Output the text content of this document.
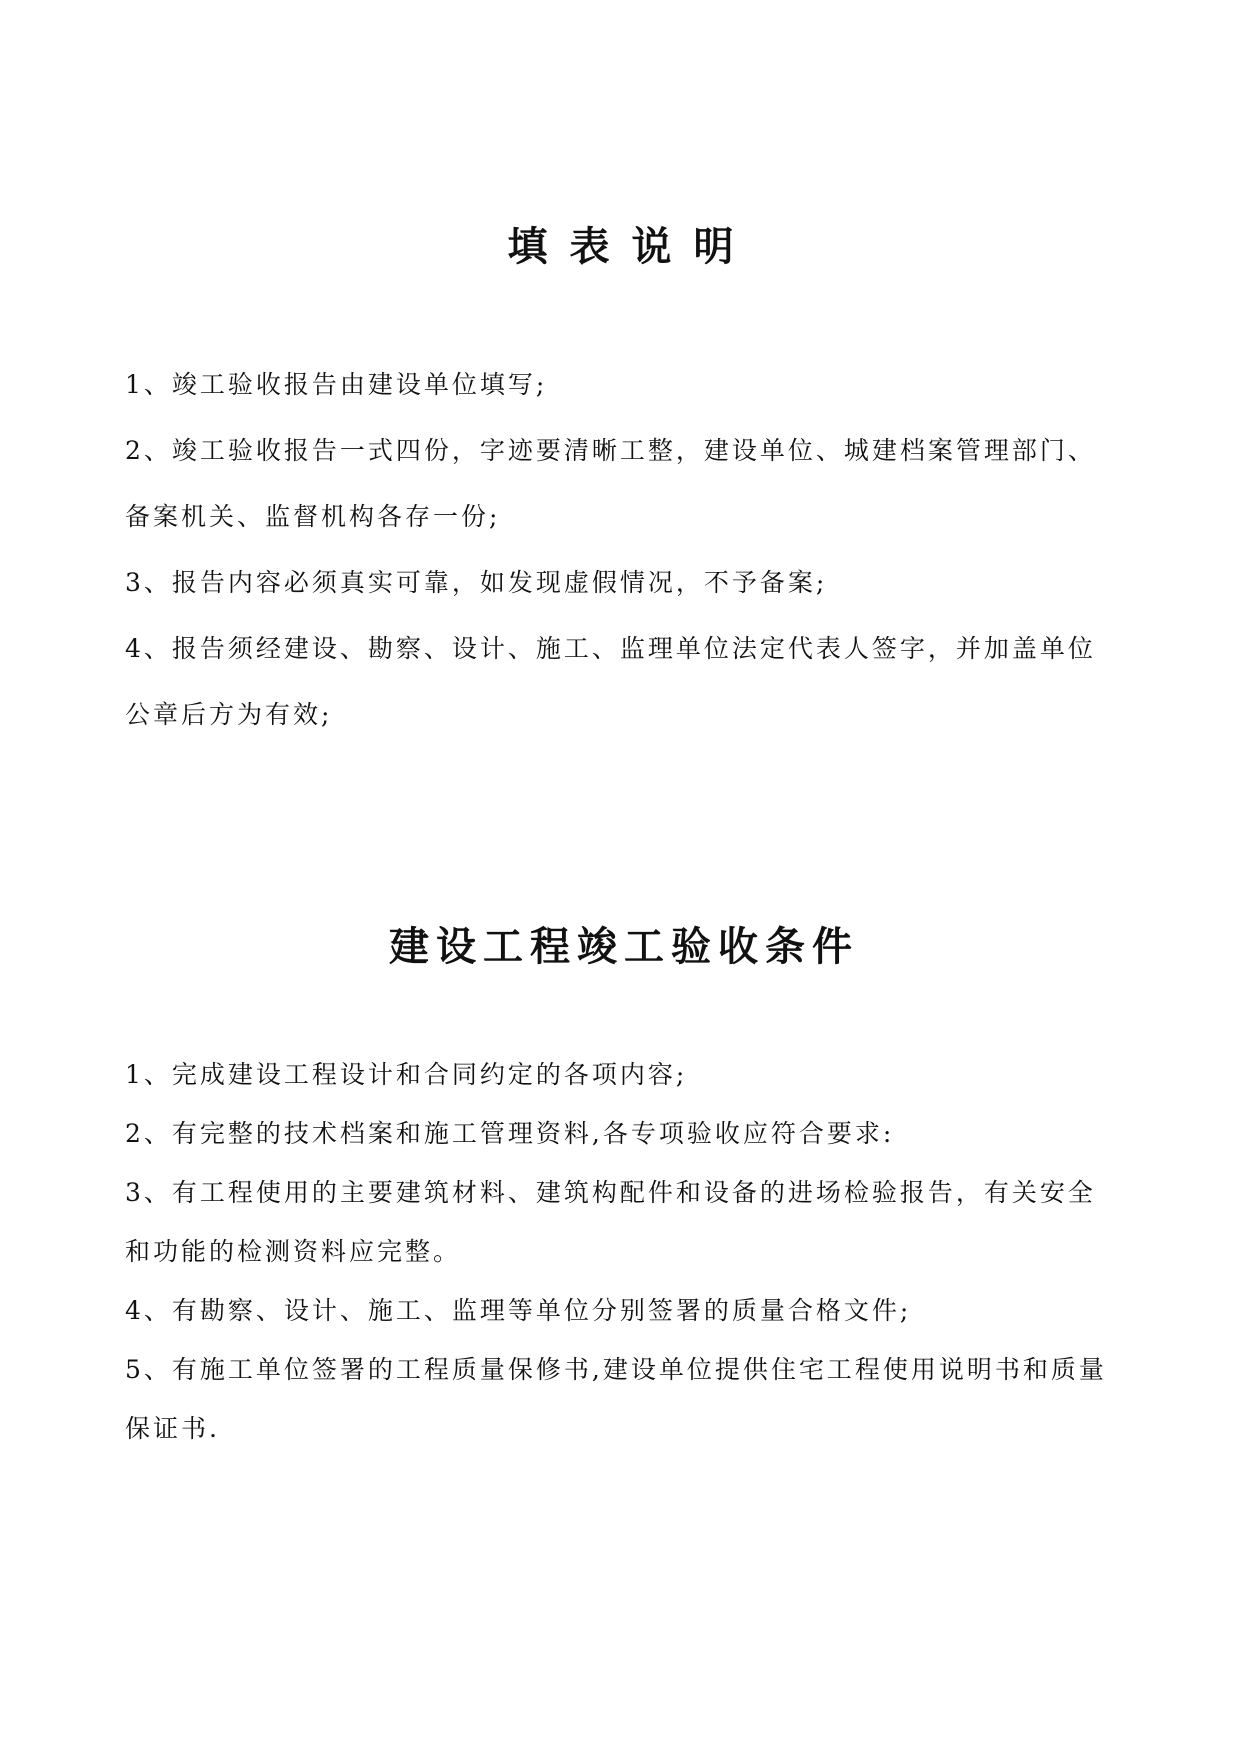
填表说明
1、竣工验收报告由建设单位填写;
2、竣工验收报告一式四份，字迹要清晰工整，建设单位、城建档案管理部门、备案机关、监督机构各存一份;
3、报告内容必须真实可靠，如发现虚假情况，不予备案;
4、报告须经建设、勘察、设计、施工、监理单位法定代表人签字，并加盖单位公章后方为有效;
建设工程竣工验收条件
1、完成建设工程设计和合同约定的各项内容;
2、有完整的技术档案和施工管理资料,各专项验收应符合要求:
3、有工程使用的主要建筑材料、建筑构配件和设备的进场检验报告，有关安全和功能的检测资料应完整。
4、有勘察、设计、施工、监理等单位分别签署的质量合格文件;
5、有施工单位签署的工程质量保修书,建设单位提供住宅工程使用说明书和质量保证书.
